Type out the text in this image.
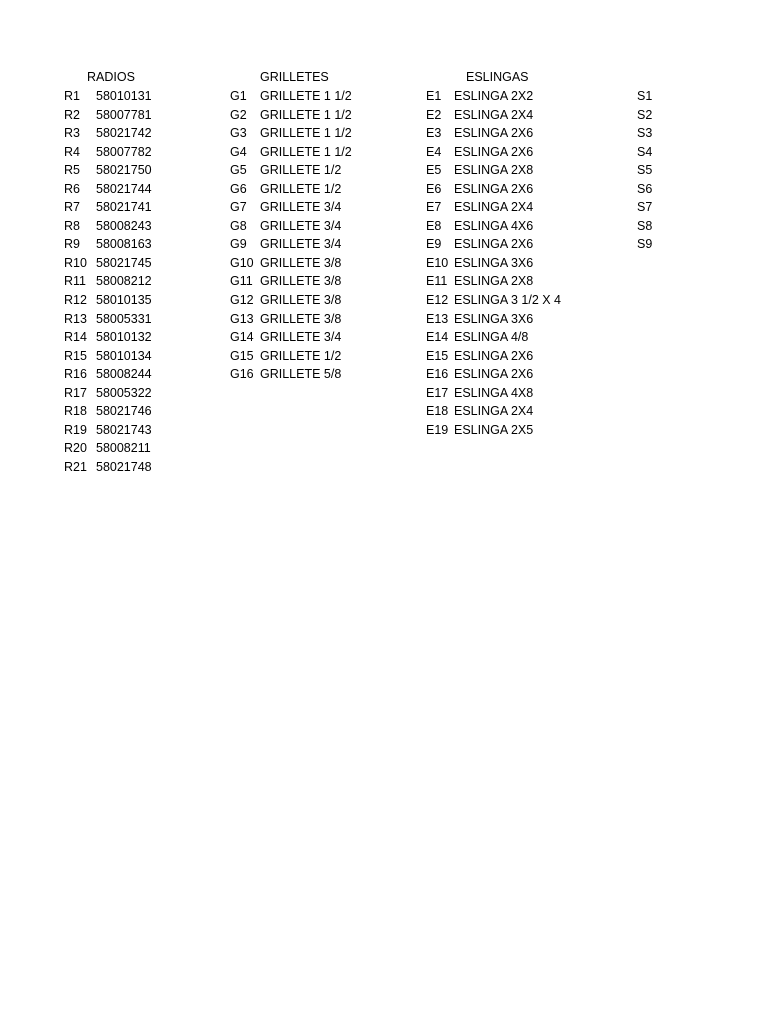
RADIOS	GRILLETES	ESLINGAS
R1 58010131
R2 58007781
R3 58021742
R4 58007782
R5 58021750
R6 58021744
R7 58021741
R8 58008243
R9 58008163
R10 58021745
R11 58008212
R12 58010135
R13 58005331
R14 58010132
R15 58010134
R16 58008244
R17 58005322
R18 58021746
R19 58021743
R20 58008211
R21 58021748
G1 GRILLETE 1 1/2
G2 GRILLETE 1 1/2
G3 GRILLETE 1 1/2
G4 GRILLETE 1 1/2
G5 GRILLETE 1/2
G6 GRILLETE 1/2
G7 GRILLETE 3/4
G8 GRILLETE 3/4
G9 GRILLETE 3/4
G10 GRILLETE 3/8
G11 GRILLETE 3/8
G12 GRILLETE 3/8
G13 GRILLETE 3/8
G14 GRILLETE 3/4
G15 GRILLETE 1/2
G16 GRILLETE 5/8
E1 ESLINGA 2X2
E2 ESLINGA 2X4
E3 ESLINGA 2X6
E4 ESLINGA 2X6
E5 ESLINGA 2X8
E6 ESLINGA 2X6
E7 ESLINGA 2X4
E8 ESLINGA 4X6
E9 ESLINGA 2X6
E10 ESLINGA 3X6
E11 ESLINGA 2X8
E12 ESLINGA 3 1/2 X 4
E13 ESLINGA 3X6
E14 ESLINGA 4/8
E15 ESLINGA 2X6
E16 ESLINGA 2X6
E17 ESLINGA 4X8
E18 ESLINGA 2X4
E19 ESLINGA 2X5
S1
S2
S3
S4
S5
S6
S7
S8
S9
